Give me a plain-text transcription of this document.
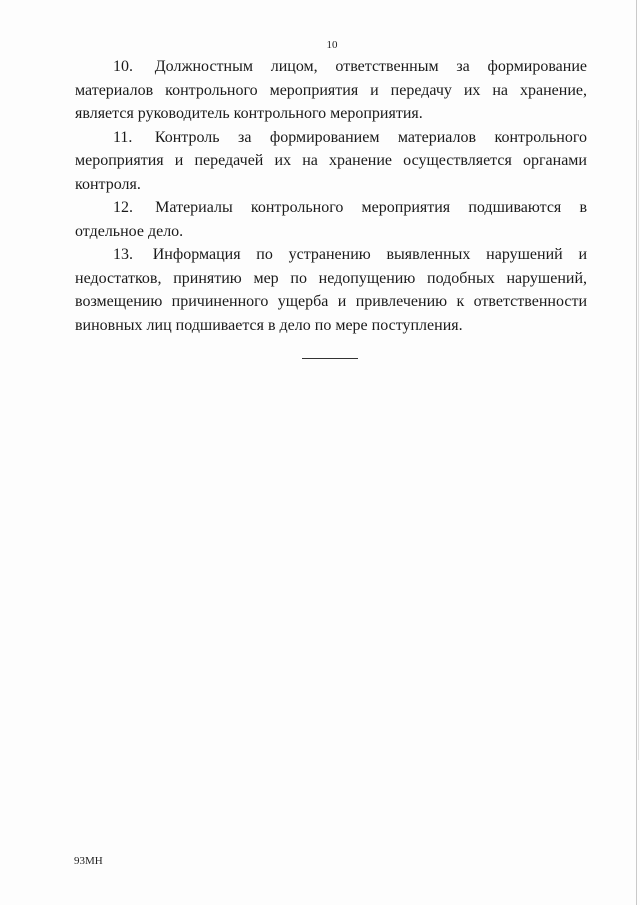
10

10. Должностным лицом, ответственным за формирование материалов контрольного мероприятия и передачу их на хранение, является руководитель контрольного мероприятия.

11. Контроль за формированием материалов контрольного мероприятия и передачей их на хранение осуществляется органами контроля.

12. Материалы контрольного мероприятия подшиваются в отдельное дело.

13. Информация по устранению выявленных нарушений и недостатков, принятию мер по недопущению подобных нарушений, возмещению причиненного ущерба и привлечению к ответственности виновных лиц подшивается в дело по мере поступления.

93МН
